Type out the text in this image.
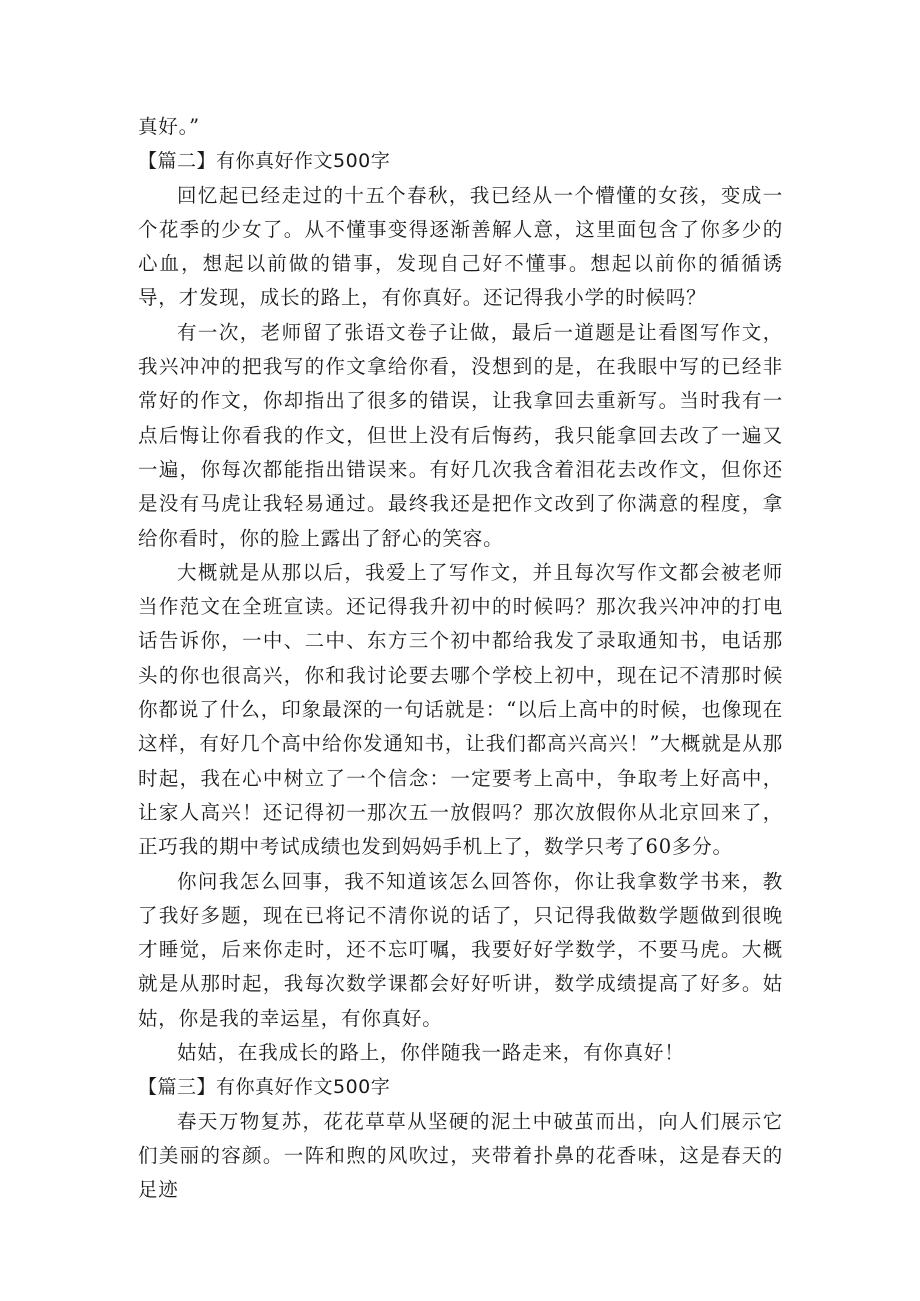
真好。”

【篇二】有你真好作文500字

回忆起已经走过的十五个春秋，我已经从一个懵懂的女孩，变成一个花季的少女了。从不懂事变得逐渐善解人意，这里面包含了你多少的心血，想起以前做的错事，发现自己好不懂事。想起以前你的循循诱导，才发现，成长的路上，有你真好。还记得我小学的时候吗？

有一次，老师留了张语文卷子让做，最后一道题是让看图写作文，我兴冲冲的把我写的作文拿给你看，没想到的是，在我眼中写的已经非常好的作文，你却指出了很多的错误，让我拿回去重新写。当时我有一点后悔让你看我的作文，但世上没有后悔药，我只能拿回去改了一遍又一遍，你每次都能指出错误来。有好几次我含着泪花去改作文，但你还是没有马虎让我轻易通过。最终我还是把作文改到了你满意的程度，拿给你看时，你的脸上露出了舒心的笑容。

大概就是从那以后，我爱上了写作文，并且每次写作文都会被老师当作范文在全班宣读。还记得我升初中的时候吗？那次我兴冲冲的打电话告诉你，一中、二中、东方三个初中都给我发了录取通知书，电话那头的你也很高兴，你和我讨论要去哪个学校上初中，现在记不清那时候你都说了什么，印象最深的一句话就是：“以后上高中的时候，也像现在这样，有好几个高中给你发通知书，让我们都高兴高兴！”大概就是从那时起，我在心中树立了一个信念：一定要考上高中，争取考上好高中，让家人高兴！还记得初一那次五一放假吗？那次放假你从北京回来了，正巧我的期中考试成绩也发到妈妈手机上了，数学只考了60多分。

你问我怎么回事，我不知道该怎么回答你，你让我拿数学书来，教了我好多题，现在已将记不清你说的话了，只记得我做数学题做到很晚才睡觉，后来你走时，还不忘叮嘱，我要好好学数学，不要马虎。大概就是从那时起，我每次数学课都会好好听讲，数学成绩提高了好多。姑姑，你是我的幸运星，有你真好。

姑姑，在我成长的路上，你伴随我一路走来，有你真好！

【篇三】有你真好作文500字

春天万物复苏，花花草草从坚硬的泥土中破茧而出，向人们展示它们美丽的容颜。一阵和煦的风吹过，夹带着扑鼻的花香味，这是春天的足迹
